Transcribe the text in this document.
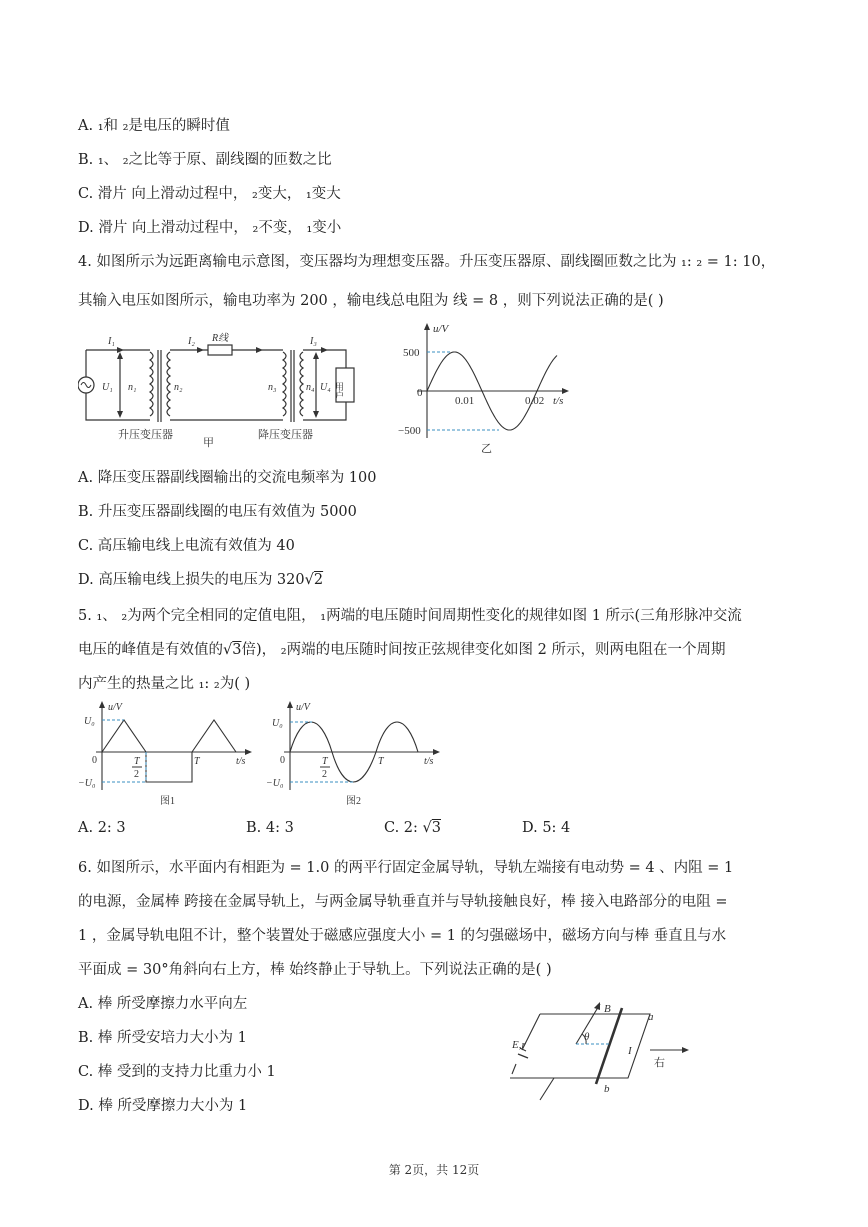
A. ₁和 ₂是电压的瞬时值
B. ₁、 ₂之比等于原、副线圈的匝数之比
C. 滑片 向上滑动过程中， ₂变大， ₁变大
D. 滑片 向上滑动过程中， ₂不变， ₁变小
4. 如图所示为远距离输电示意图，变压器均为理想变压器。升压变压器原、副线圈匝数之比为 ₁: ₂ = 1: 10，
其输入电压如图所示，输电功率为 200 ，输电线总电阻为 线 = 8 ，则下列说法正确的是( )
I₁
U₁ n₁	n₂
I₂ R线
n₃	n₄
I₃
U₄ 用户
升压变压器
甲
降压变压器
u/V
500
0
−500
0.01	0.02 t/s
乙
A. 降压变压器副线圈输出的交流电频率为 100
B. 升压变压器副线圈的电压有效值为 5000
C. 高压输电线上电流有效值为 40
D. 高压输电线上损失的电压为 320√2
5. ₁、 ₂为两个完全相同的定值电阻， ₁两端的电压随时间周期性变化的规律如图 1 所示(三角形脉冲交流
电压的峰值是有效值的√3倍)， ₂两端的电压随时间按正弦规律变化如图 2 所示，则两电阻在一个周期
内产生的热量之比 ₁: ₂为( )
u/V
U₀
0
−U₀
T
2
T	t/s
图1
u/V
U₀
0
−U₀
T
2
T	t/s
图2
A. 2: 3	B. 4: 3	C. 2: √3	D. 5: 4
6. 如图所示，水平面内有相距为 = 1.0 的两平行固定金属导轨，导轨左端接有电动势 = 4 、内阻 = 1
的电源，金属棒 跨接在金属导轨上，与两金属导轨垂直并与导轨接触良好，棒 接入电路部分的电阻 =
1 ，金属导轨电阻不计，整个装置处于磁感应强度大小 = 1 的匀强磁场中，磁场方向与棒 垂直且与水
平面成 = 30°角斜向右上方，棒 始终静止于导轨上。下列说法正确的是( )
A. 棒 所受摩擦力水平向左
B. 棒 所受安培力大小为 1
C. 棒 受到的支持力比重力小 1
D. 棒 所受摩擦力大小为 1
B
a
b
θ
I
E,r
右
第 2页，共 12页
